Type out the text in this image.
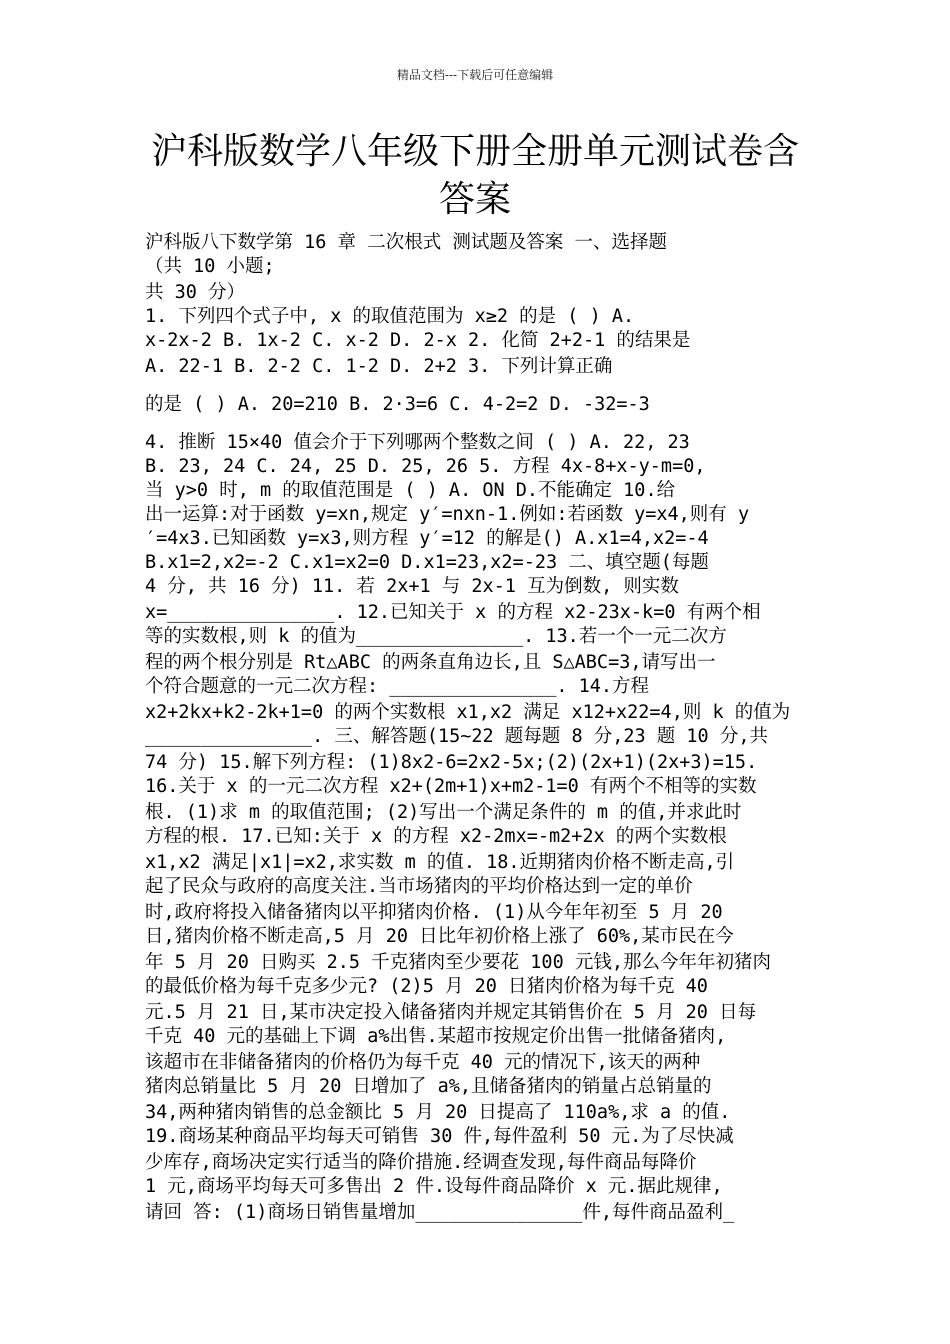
精品文档---下载后可任意编辑
沪科版数学八年级下册全册单元测试卷含
答案
沪科版八下数学第 16 章 二次根式 测试题及答案 一、选择题
（共 10 小题;
共 30 分）
1. 下列四个式子中, x 的取值范围为 x≥2 的是 ( ) A.
x-2x-2 B. 1x-2 C. x-2 D. 2-x 2. 化简 2+2-1 的结果是
A. 22-1 B. 2-2 C. 1-2 D. 2+2 3. 下列计算正确
的是 ( ) A. 20=210 B. 2·3=6 C. 4-2=2 D. -32=-3
4. 推断 15×40 值会介于下列哪两个整数之间 ( ) A. 22, 23
B. 23, 24 C. 24, 25 D. 25, 26 5. 方程 4x-8+x-y-m=0,
当 y>0 时, m 的取值范围是 ( ) A. ON D.不能确定 10.给
出一运算:对于函数 y=xn,规定 y′=nxn-1.例如:若函数 y=x4,则有 y
′=4x3.已知函数 y=x3,则方程 y′=12 的解是() A.x1=4,x2=-4
B.x1=2,x2=-2 C.x1=x2=0 D.x1=23,x2=-23 二、填空题(每题
4 分, 共 16 分) 11. 若 2x+1 与 2x-1 互为倒数, 则实数
x=_______________. 12.已知关于 x 的方程 x2-23x-k=0 有两个相
等的实数根,则 k 的值为_______________. 13.若一个一元二次方
程的两个根分别是 Rt△ABC 的两条直角边长,且 S△ABC=3,请写出一
个符合题意的一元二次方程: _______________. 14.方程
x2+2kx+k2-2k+1=0 的两个实数根 x1,x2 满足 x12+x22=4,则 k 的值为
_______________. 三、解答题(15~22 题每题 8 分,23 题 10 分,共
74 分) 15.解下列方程: (1)8x2-6=2x2-5x;(2)(2x+1)(2x+3)=15.
16.关于 x 的一元二次方程 x2+(2m+1)x+m2-1=0 有两个不相等的实数
根. (1)求 m 的取值范围; (2)写出一个满足条件的 m 的值,并求此时
方程的根. 17.已知:关于 x 的方程 x2-2mx=-m2+2x 的两个实数根
x1,x2 满足|x1|=x2,求实数 m 的值. 18.近期猪肉价格不断走高,引
起了民众与政府的高度关注.当市场猪肉的平均价格达到一定的单价
时,政府将投入储备猪肉以平抑猪肉价格. (1)从今年年初至 5 月 20
日,猪肉价格不断走高,5 月 20 日比年初价格上涨了 60%,某市民在今
年 5 月 20 日购买 2.5 千克猪肉至少要花 100 元钱,那么今年年初猪肉
的最低价格为每千克多少元? (2)5 月 20 日猪肉价格为每千克 40
元.5 月 21 日,某市决定投入储备猪肉并规定其销售价在 5 月 20 日每
千克 40 元的基础上下调 a%出售.某超市按规定价出售一批储备猪肉,
该超市在非储备猪肉的价格仍为每千克 40 元的情况下,该天的两种
猪肉总销量比 5 月 20 日增加了 a%,且储备猪肉的销量占总销量的
34,两种猪肉销售的总金额比 5 月 20 日提高了 110a%,求 a 的值.
19.商场某种商品平均每天可销售 30 件,每件盈利 50 元.为了尽快减
少库存,商场决定实行适当的降价措施.经调查发现,每件商品每降价
1 元,商场平均每天可多售出 2 件.设每件商品降价 x 元.据此规律,
请回 答: (1)商场日销售量增加_______________件,每件商品盈利_
